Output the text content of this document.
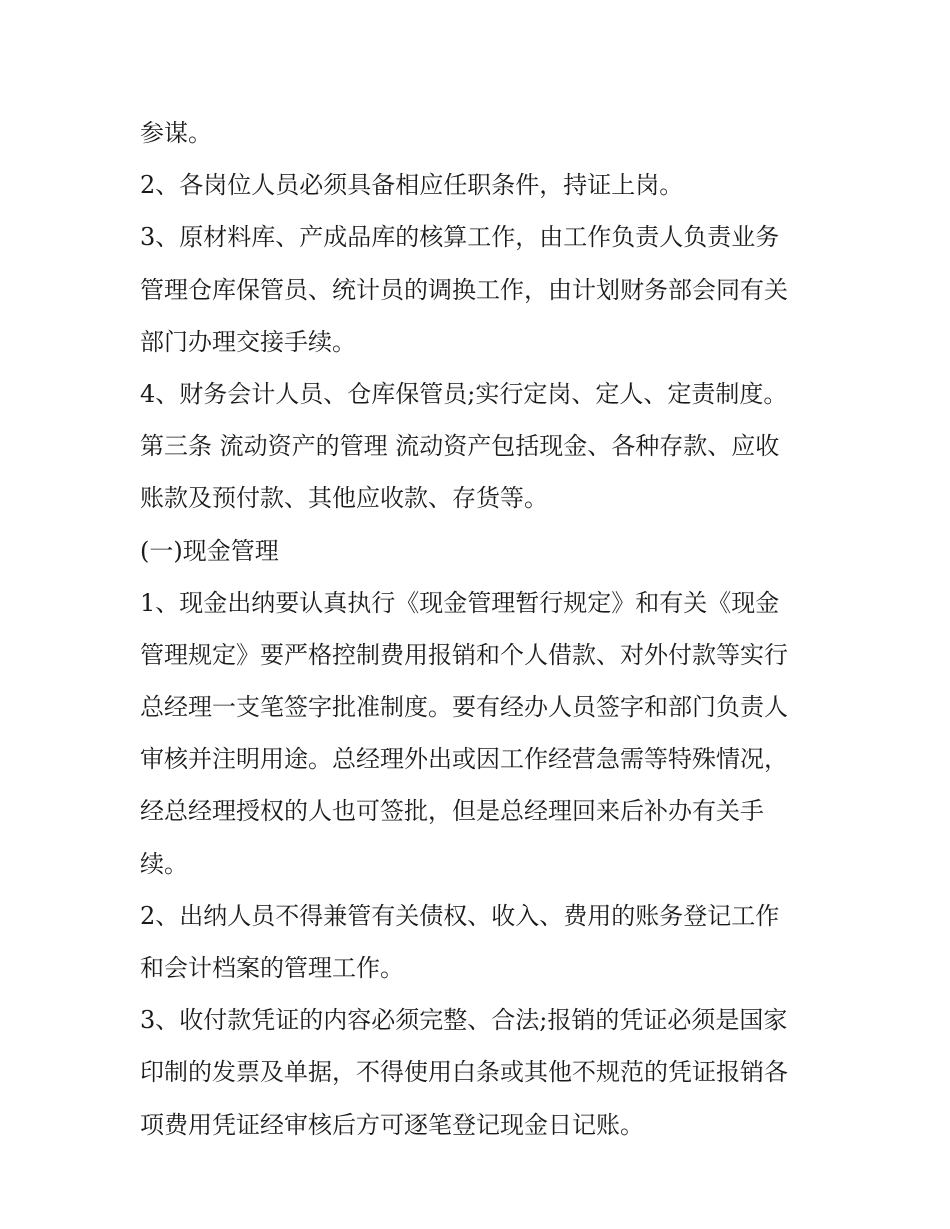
参谋。
2、各岗位人员必须具备相应任职条件，持证上岗。
3、原材料库、产成品库的核算工作，由工作负责人负责业务
管理仓库保管员、统计员的调换工作，由计划财务部会同有关
部门办理交接手续。
4、财务会计人员、仓库保管员;实行定岗、定人、定责制度。
第三条 流动资产的管理 流动资产包括现金、各种存款、应收
账款及预付款、其他应收款、存货等。
(一)现金管理
1、现金出纳要认真执行《现金管理暂行规定》和有关《现金
管理规定》要严格控制费用报销和个人借款、对外付款等实行
总经理一支笔签字批准制度。要有经办人员签字和部门负责人
审核并注明用途。总经理外出或因工作经营急需等特殊情况，
经总经理授权的人也可签批，但是总经理回来后补办有关手
续。
2、出纳人员不得兼管有关债权、收入、费用的账务登记工作
和会计档案的管理工作。
3、收付款凭证的内容必须完整、合法;报销的凭证必须是国家
印制的发票及单据，不得使用白条或其他不规范的凭证报销各
项费用凭证经审核后方可逐笔登记现金日记账。
